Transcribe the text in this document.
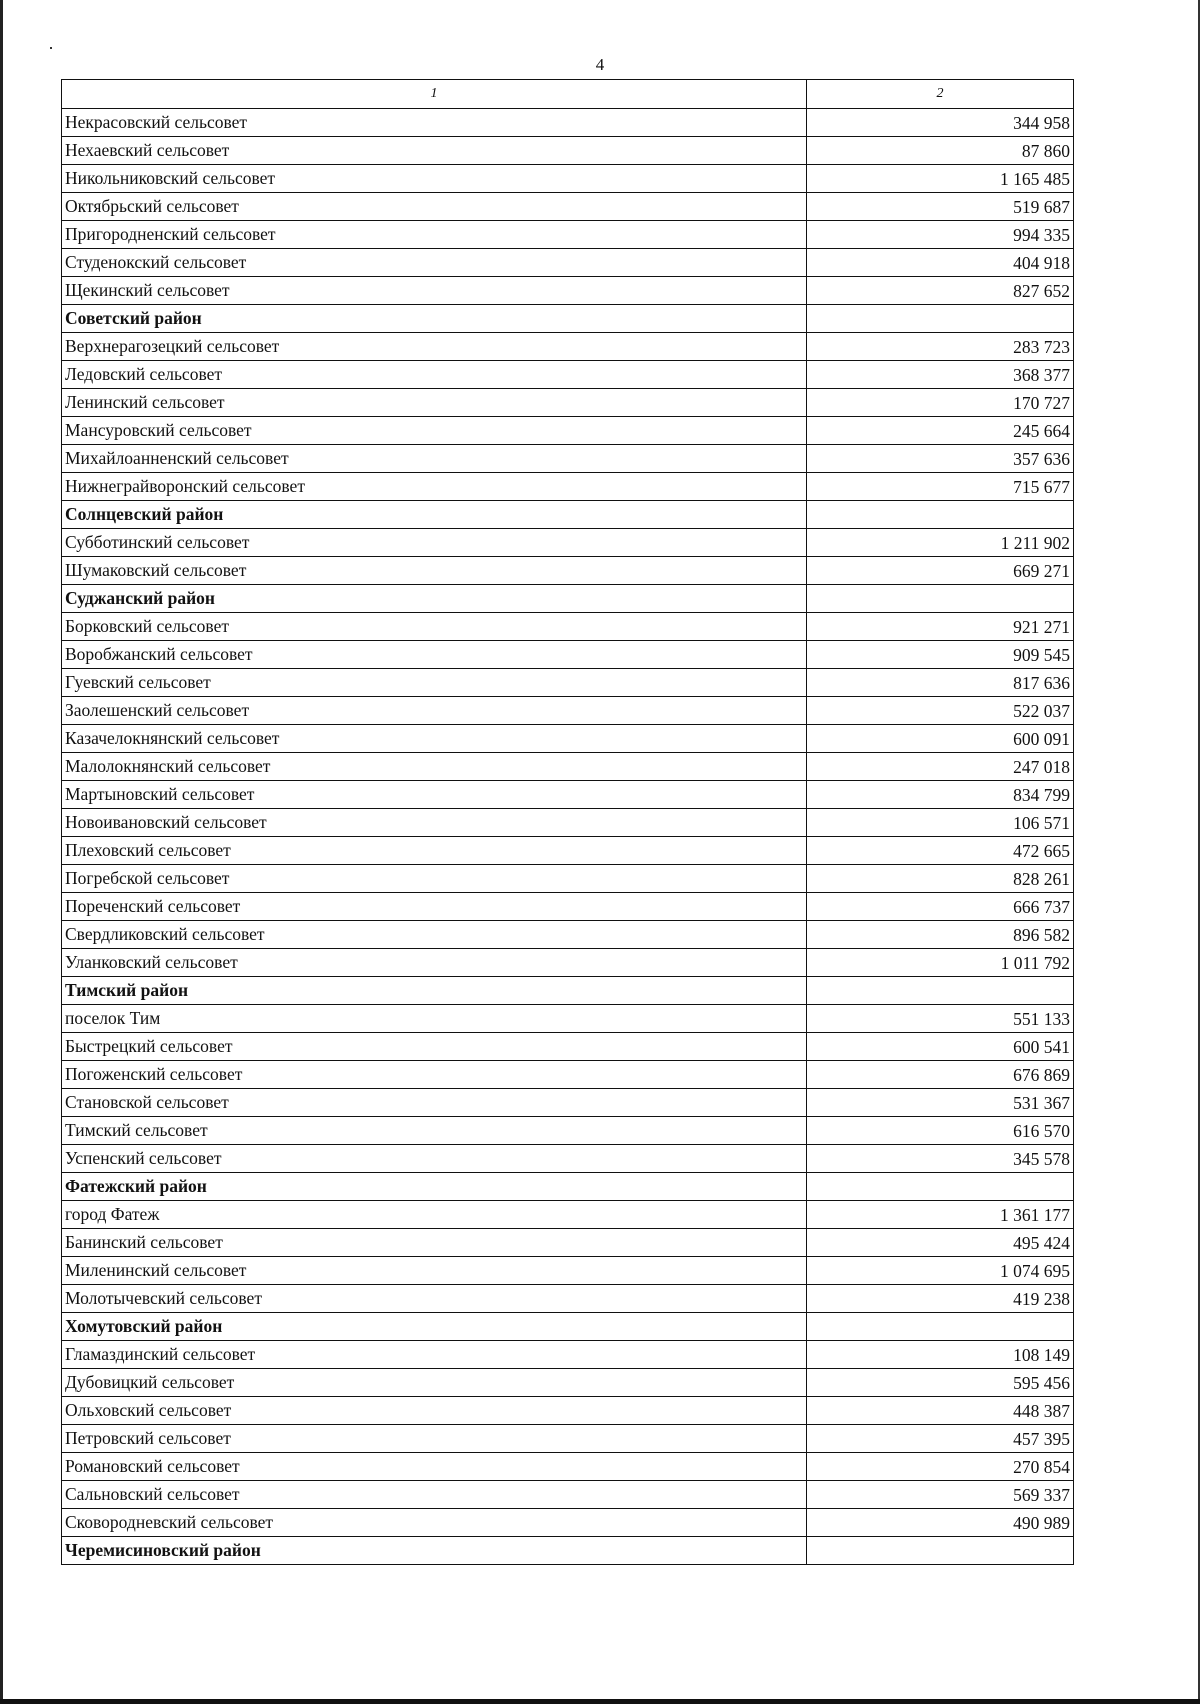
4
1	2
Некрасовский сельсовет	344 958
Нехаевский сельсовет	87 860
Никольниковский сельсовет	1 165 485
Октябрьский сельсовет	519 687
Пригородненский сельсовет	994 335
Студенокский сельсовет	404 918
Щекинский сельсовет	827 652
Советский район	
Верхнерагозецкий сельсовет	283 723
Ледовский сельсовет	368 377
Ленинский сельсовет	170 727
Мансуровский сельсовет	245 664
Михайлоанненский сельсовет	357 636
Нижнеграйворонский сельсовет	715 677
Солнцевский район	
Субботинский сельсовет	1 211 902
Шумаковский сельсовет	669 271
Суджанский район	
Борковский сельсовет	921 271
Воробжанский сельсовет	909 545
Гуевский сельсовет	817 636
Заолешенский сельсовет	522 037
Казачелокнянский сельсовет	600 091
Малолокнянский сельсовет	247 018
Мартыновский сельсовет	834 799
Новоивановский сельсовет	106 571
Плеховский сельсовет	472 665
Погребской сельсовет	828 261
Пореченский сельсовет	666 737
Свердликовский сельсовет	896 582
Уланковский сельсовет	1 011 792
Тимский район	
поселок Тим	551 133
Быстрецкий сельсовет	600 541
Погоженский сельсовет	676 869
Становской сельсовет	531 367
Тимский сельсовет	616 570
Успенский сельсовет	345 578
Фатежский район	
город Фатеж	1 361 177
Банинский сельсовет	495 424
Миленинский сельсовет	1 074 695
Молотычевский сельсовет	419 238
Хомутовский район	
Гламаздинский сельсовет	108 149
Дубовицкий сельсовет	595 456
Ольховский сельсовет	448 387
Петровский сельсовет	457 395
Романовский сельсовет	270 854
Сальновский сельсовет	569 337
Сковородневский сельсовет	490 989
Черемисиновский район	
